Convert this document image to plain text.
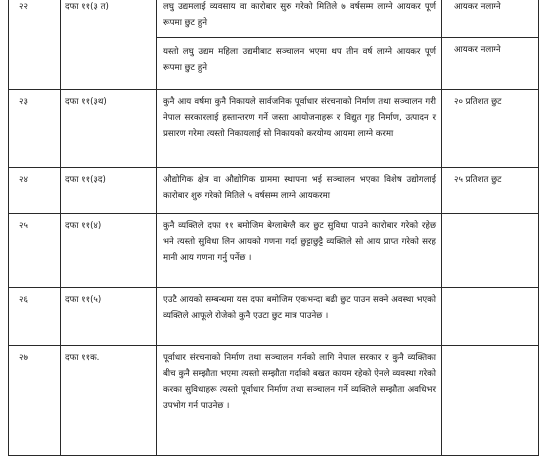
२२	दफा ११(३ त)	लघु उद्यमलाई व्यवसाय वा कारोबार सुरु गरेको मितिले ७ वर्षसम्म लाग्ने आयकर पूर्ण रूपमा छुट हुने	आयकर नलाग्ने
		यस्तो लघु उद्यम महिला उद्यमीबाट सञ्चालन भएमा थप तीन वर्ष लाग्ने आयकर पूर्ण रूपमा छुट हुने	आयकर नलाग्ने
२३	दफा ११(३थ)	कुनै आय वर्षमा कुनै निकायले सार्वजनिक पूर्वाधार संरचनाको निर्माण तथा सञ्चालन गरी नेपाल सरकारलाई हस्तान्तरण गर्ने जस्ता आयोजनाहरू र विद्युत गृह निर्माण, उत्पादन र प्रसारण गरेमा त्यस्तो निकायलाई सो निकायको करयोग्य आयमा लाग्ने करमा	२० प्रतिशत छुट
२४	दफा ११(३द)	औद्योगिक क्षेत्र वा औद्योगिक ग्राममा स्थापना भई सञ्चालन भएका विशेष उद्योगलाई कारोबार शुरु गरेको मितिले ५ वर्षसम्म लाग्ने आयकरमा	२५ प्रतिशत छुट
२५	दफा ११(४)	कुनै व्यक्तिले दफा ११ बमोजिम बेग्लाबेग्लै कर छुट सुविधा पाउने कारोबार गरेको रहेछ भने त्यस्तो सुविधा लिन आयको गणना गर्दा छुट्टाछुट्टै व्यक्तिले सो आय प्राप्त गरेको सरह मानी आय गणना गर्नु पर्नेछ ।	
२६	दफा ११(५)	एउटै आयको सम्बन्धमा यस दफा बमोजिम एकभन्दा बढी छुट पाउन सक्ने अवस्था भएको व्यक्तिले आफूले रोजेको कुनै एउटा छुट मात्र पाउनेछ ।	
२७	दफा ११क.	पूर्वाधार संरचनाको निर्माण तथा सञ्चालन गर्नको लागि नेपाल सरकार र कुनै व्यक्तिका बीच कुनै सम्झौता भएमा त्यस्तो सम्झौता गर्दाको बखत कायम रहेको ऐनले व्यवस्था गरेको करका सुविधाहरू त्यस्तो पूर्वाधार निर्माण तथा सञ्चालन गर्ने व्यक्तिले सम्झौता अवधिभर उपभोग गर्न पाउनेछ ।	
